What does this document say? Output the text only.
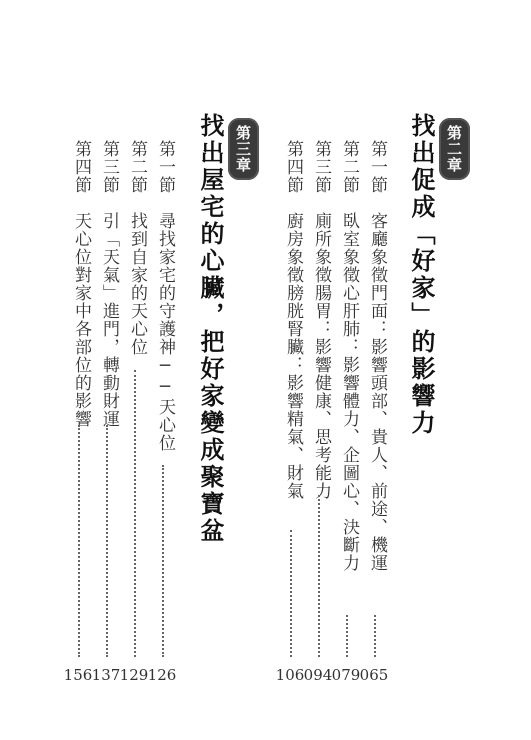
第二章
找出促成「好家」的影響力
第一節
客廳象徵門面：影響頭部、貴人、前途、機運
065
第二節
臥室象徵心肝肺：影響體力、企圖心、決斷力
079
第三節
廁所象徵腸胃：影響健康、思考能力
094
第四節
廚房象徵膀胱腎臟：影響精氣、財氣
106
第三章
找出屋宅的心臟，把好家變成聚寶盆
第一節
尋找家宅的守護神──天心位
126
第二節
找到自家的天心位
129
第三節
引「天氣」進門，轉動財運
137
第四節
天心位對家中各部位的影響
156
